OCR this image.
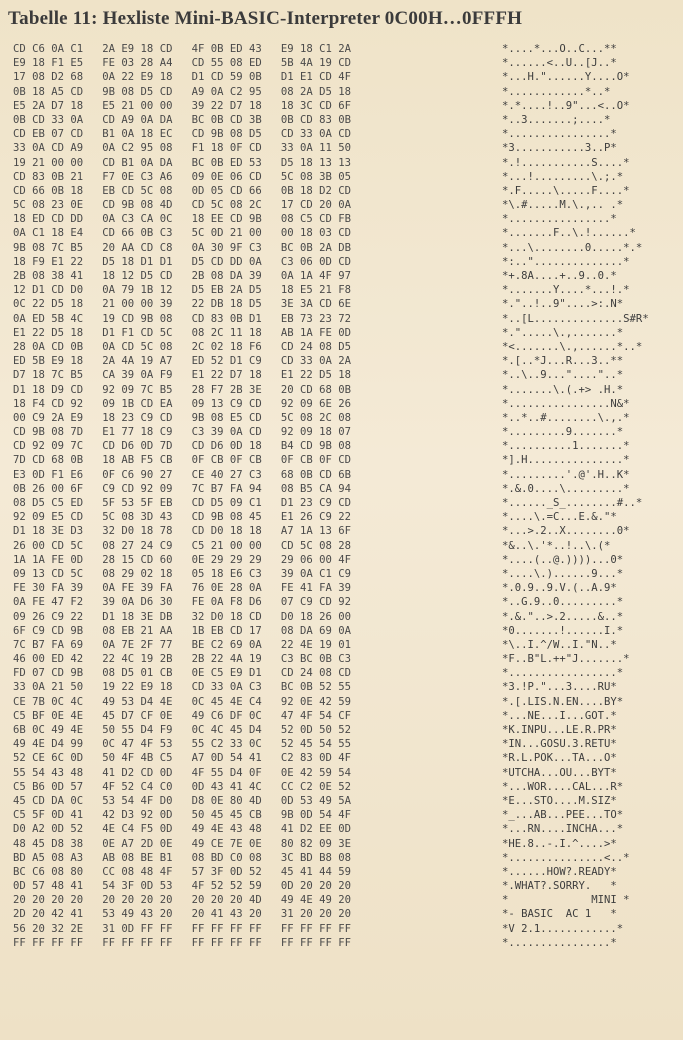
Tabelle 11: Hexliste Mini-BASIC-Interpreter 0C00H…0FFFH
CD C6 0A C1   2A E9 18 CD   4F 0B ED 43   E9 18 C1 2A
E9 18 F1 E5   FE 03 28 A4   CD 55 08 ED   5B 4A 19 CD
17 08 D2 68   0A 22 E9 18   D1 CD 59 0B   D1 E1 CD 4F
0B 18 A5 CD   9B 08 D5 CD   A9 0A C2 95   08 2A D5 18
E5 2A D7 18   E5 21 00 00   39 22 D7 18   18 3C CD 6F
0B CD 33 0A   CD A9 0A DA   BC 0B CD 3B   0B CD 83 0B
CD EB 07 CD   B1 0A 18 EC   CD 9B 08 D5   CD 33 0A CD
33 0A CD A9   0A C2 95 08   F1 18 0F CD   33 0A 11 50
19 21 00 00   CD B1 0A DA   BC 0B ED 53   D5 18 13 13
CD 83 0B 21   F7 0E C3 A6   09 0E 06 CD   5C 08 3B 05
CD 66 0B 18   EB CD 5C 08   0D 05 CD 66   0B 18 D2 CD
5C 08 23 0E   CD 9B 08 4D   CD 5C 08 2C   17 CD 20 0A
18 ED CD DD   0A C3 CA 0C   18 EE CD 9B   08 C5 CD FB
0A C1 18 E4   CD 66 0B C3   5C 0D 21 00   00 18 03 CD
9B 08 7C B5   20 AA CD C8   0A 30 9F C3   BC 0B 2A DB
18 F9 E1 22   D5 18 D1 D1   D5 CD DD 0A   C3 06 0D CD
2B 08 38 41   18 12 D5 CD   2B 08 DA 39   0A 1A 4F 97
12 D1 CD D0   0A 79 1B 12   D5 EB 2A D5   18 E5 21 F8
0C 22 D5 18   21 00 00 39   22 DB 18 D5   3E 3A CD 6E
0A ED 5B 4C   19 CD 9B 08   CD 83 0B D1   EB 73 23 72
E1 22 D5 18   D1 F1 CD 5C   08 2C 11 18   AB 1A FE 0D
28 0A CD 0B   0A CD 5C 08   2C 02 18 F6   CD 24 08 D5
ED 5B E9 18   2A 4A 19 A7   ED 52 D1 C9   CD 33 0A 2A
D7 18 7C B5   CA 39 0A F9   E1 22 D7 18   E1 22 D5 18
D1 18 D9 CD   92 09 7C B5   28 F7 2B 3E   20 CD 68 0B
18 F4 CD 92   09 1B CD EA   09 13 C9 CD   92 09 6E 26
00 C9 2A E9   18 23 C9 CD   9B 08 E5 CD   5C 08 2C 08
CD 9B 08 7D   E1 77 18 C9   C3 39 0A CD   92 09 18 07
CD 92 09 7C   CD D6 0D 7D   CD D6 0D 18   B4 CD 9B 08
7D CD 68 0B   18 AB F5 CB   0F CB 0F CB   0F CB 0F CD
E3 0D F1 E6   0F C6 90 27   CE 40 27 C3   68 0B CD 6B
0B 26 00 6F   C9 CD 92 09   7C B7 FA 94   08 B5 CA 94
08 D5 C5 ED   5F 53 5F EB   CD D5 09 C1   D1 23 C9 CD
92 09 E5 CD   5C 08 3D 43   CD 9B 08 45   E1 26 C9 22
D1 18 3E D3   32 D0 18 78   CD D0 18 18   A7 1A 13 6F
26 00 CD 5C   08 27 24 C9   C5 21 00 00   CD 5C 08 28
1A 1A FE 0D   28 15 CD 60   0E 29 29 29   29 06 00 4F
09 13 CD 5C   08 29 02 18   05 18 E6 C3   39 0A C1 C9
FE 30 FA 39   0A FE 39 FA   76 0E 28 0A   FE 41 FA 39
0A FE 47 F2   39 0A D6 30   FE 0A F8 D6   07 C9 CD 92
09 26 C9 22   D1 18 3E DB   32 D0 18 CD   D0 18 26 00
6F C9 CD 9B   08 EB 21 AA   1B EB CD 17   08 DA 69 0A
7C B7 FA 69   0A 7E 2F 77   BE C2 69 0A   22 4E 19 01
46 00 ED 42   22 4C 19 2B   2B 22 4A 19   C3 BC 0B C3
FD 07 CD 9B   08 D5 01 CB   0E C5 E9 D1   CD 24 08 CD
33 0A 21 50   19 22 E9 18   CD 33 0A C3   BC 0B 52 55
CE 7B 0C 4C   49 53 D4 4E   0C 45 4E C4   92 0E 42 59
C5 BF 0E 4E   45 D7 CF 0E   49 C6 DF 0C   47 4F 54 CF
6B 0C 49 4E   50 55 D4 F9   0C 4C 45 D4   52 0D 50 52
49 4E D4 99   0C 47 4F 53   55 C2 33 0C   52 45 54 55
52 CE 6C 0D   50 4F 4B C5   A7 0D 54 41   C2 83 0D 4F
55 54 43 48   41 D2 CD 0D   4F 55 D4 0F   0E 42 59 54
C5 B6 0D 57   4F 52 C4 C0   0D 43 41 4C   CC C2 0E 52
45 CD DA 0C   53 54 4F D0   D8 0E 80 4D   0D 53 49 5A
C5 5F 0D 41   42 D3 92 0D   50 45 45 CB   9B 0D 54 4F
D0 A2 0D 52   4E C4 F5 0D   49 4E 43 48   41 D2 EE 0D
48 45 D8 38   0E A7 2D 0E   49 CE 7E 0E   80 82 09 3E
BD A5 08 A3   AB 08 BE B1   08 BD C0 08   3C BD B8 08
BC C6 08 80   CC 08 48 4F   57 3F 0D 52   45 41 44 59
0D 57 48 41   54 3F 0D 53   4F 52 52 59   0D 20 20 20
20 20 20 20   20 20 20 20   20 20 20 4D   49 4E 49 20
2D 20 42 41   53 49 43 20   20 41 43 20   31 20 20 20
56 20 32 2E   31 0D FF FF   FF FF FF FF   FF FF FF FF
FF FF FF FF   FF FF FF FF   FF FF FF FF   FF FF FF FF
*....*...O..C...**
*......<..U..[J..*
*...H."......Y....O*
*............*..*
*.*....!..9"...<..O*
*..3.......;....*
*................*
*3...........3..P*
*.!...........S....*
*...!.........\.;.*
*.F.....\.....F....*
*\.#.....M.\.,.. .*
*................*
*.......F..\.!......*
*...\........0.....*.*
*:.."..............*
*+.8A....+..9..0.*
*.......Y....*...!.*
*."..!..9"....>:.N*
*..[L..............S#R*
*.".....\.,.......*
*<.......\.,......*..*
*.[..*J...R...3..**
*..\..9..."...."..*
*.......\.(.+> .H.*
*................N&*
*..*..#........\.,.*
*.........9.......*
*..........1.......*
*].H...............*
*.........'.@'.H..K*
*.&.0....\.........*
*......_S_........#..*
*....\.=C...E.&."*
*...>.2..X........0*
*&..\.'*..!..\.(*
*....(..@.))))...0*
*....\.)......9...*
*.0.9..9.V.(..A.9*
*..G.9..0.........*
*.&."..>.2.....&..*
*0.......!......I.*
*\..I.^/W..I."N..*
*F..B"L.++"J.......*
*.................*
*3.!P."...3....RU*
*.[.LIS.N.EN....BY*
*...NE...I...GOT.*
*K.INPU...LE.R.PR*
*IN...GOSU.3.RETU*
*R.L.POK...TA...O*
*UTCHA...OU...BYT*
*...WOR....CAL...R*
*E...STO....M.SIZ*
*_...AB...PEE...TO*
*...RN....INCHA...*
*HE.8..-.I.^....>*
*...............<..*
*......HOW?.READY*
*.WHAT?.SORRY.   *
*             MINI *
*- BASIC  AC 1   *
*V 2.1............*
*................*
